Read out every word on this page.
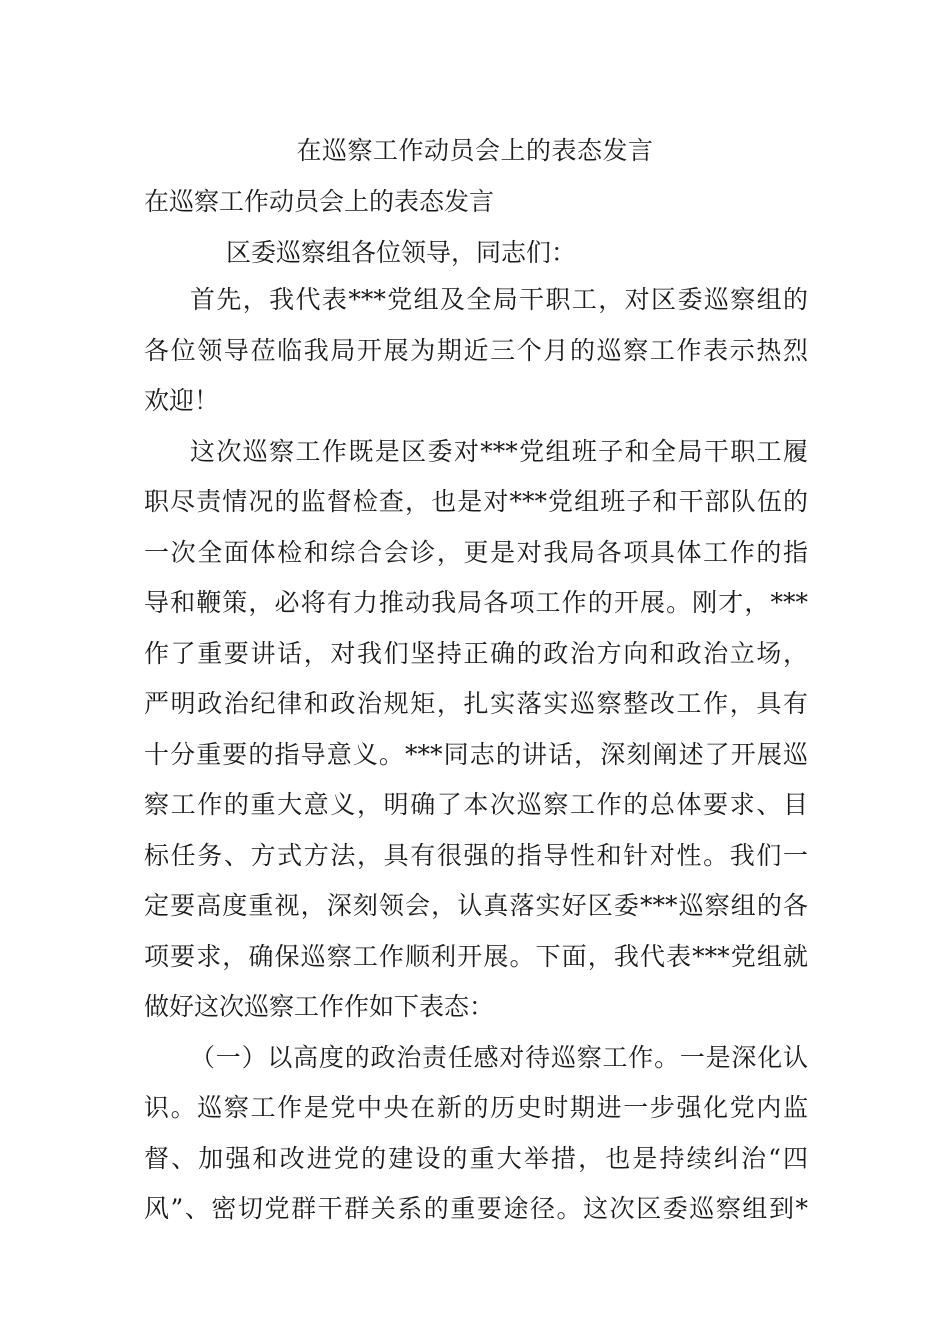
在巡察工作动员会上的表态发言
在巡察工作动员会上的表态发言
区委巡察组各位领导，同志们：
首先，我代表***党组及全局干职工，对区委巡察组的
各位领导莅临我局开展为期近三个月的巡察工作表示热烈
欢迎！
这次巡察工作既是区委对***党组班子和全局干职工履
职尽责情况的监督检查，也是对***党组班子和干部队伍的
一次全面体检和综合会诊，更是对我局各项具体工作的指
导和鞭策，必将有力推动我局各项工作的开展。刚才，***
作了重要讲话，对我们坚持正确的政治方向和政治立场，
严明政治纪律和政治规矩，扎实落实巡察整改工作，具有
十分重要的指导意义。***同志的讲话，深刻阐述了开展巡
察工作的重大意义，明确了本次巡察工作的总体要求、目
标任务、方式方法，具有很强的指导性和针对性。我们一
定要高度重视，深刻领会，认真落实好区委***巡察组的各
项要求，确保巡察工作顺利开展。下面，我代表***党组就
做好这次巡察工作作如下表态：
（一）以高度的政治责任感对待巡察工作。一是深化认
识。巡察工作是党中央在新的历史时期进一步强化党内监
督、加强和改进党的建设的重大举措，也是持续纠治“四
风”、密切党群干群关系的重要途径。这次区委巡察组到*
